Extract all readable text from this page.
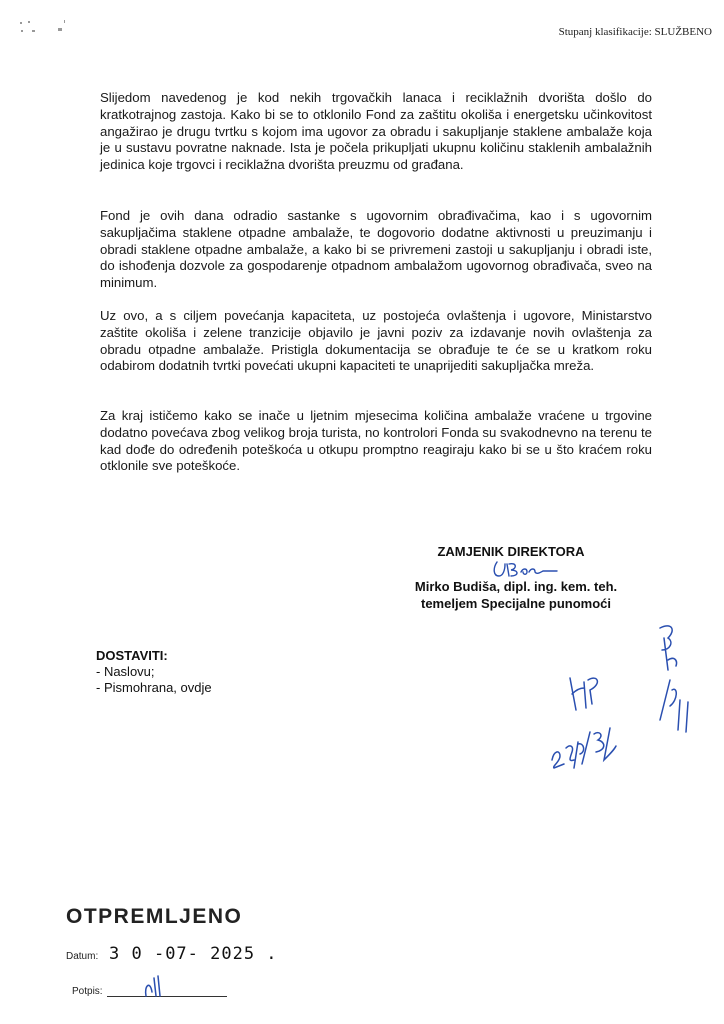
Stupanj klasifikacije: SLUŽBENO

Slijedom navedenog je kod nekih trgovačkih lanaca i reciklažnih dvorišta došlo do kratkotrajnog zastoja. Kako bi se to otklonilo Fond za zaštitu okoliša i energetsku učinkovitost angažirao je drugu tvrtku s kojom ima ugovor za obradu i sakupljanje staklene ambalaže koja je u sustavu povratne naknade. Ista je počela prikupljati ukupnu količinu staklenih ambalažnih jedinica koje trgovci i reciklažna dvorišta preuzmu od građana.

Fond je ovih dana odradio sastanke s ugovornim obrađivačima, kao i s ugovornim sakupljačima staklene otpadne ambalaže, te dogovorio dodatne aktivnosti u preuzimanju i obradi staklene otpadne ambalaže, a kako bi se privremeni zastoji u sakupljanju i obradi iste, do ishođenja dozvole za gospodarenje otpadnom ambalažom ugovornog obrađivača, sveo na minimum.

Uz ovo, a s ciljem povećanja kapaciteta, uz postojeća ovlaštenja i ugovore, Ministarstvo zaštite okoliša i zelene tranzicije objavilo je javni poziv za izdavanje novih ovlaštenja za obradu otpadne ambalaže. Pristigla dokumentacija se obrađuje te će se u kratkom roku odabirom dodatnih tvrtki povećati ukupni kapaciteti te unaprijediti sakupljačka mreža.

Za kraj ističemo kako se inače u ljetnim mjesecima količina ambalaže vraćene u trgovine dodatno povećava zbog velikog broja turista, no kontrolori Fonda su svakodnevno na terenu te kad dođe do određenih poteškoća u otkupu promptno reagiraju kako bi se u što kraćem roku otklonile sve poteškoće.

ZAMJENIK DIREKTORA
Mirko Budiša, dipl. ing. kem. teh.
temeljem Specijalne punomoći
DOSTAVITI:
- Naslovu;
- Pismohrana, ovdje
OTPREMLJENO
Datum: 3 0 -07- 2025 .
Potpis:
